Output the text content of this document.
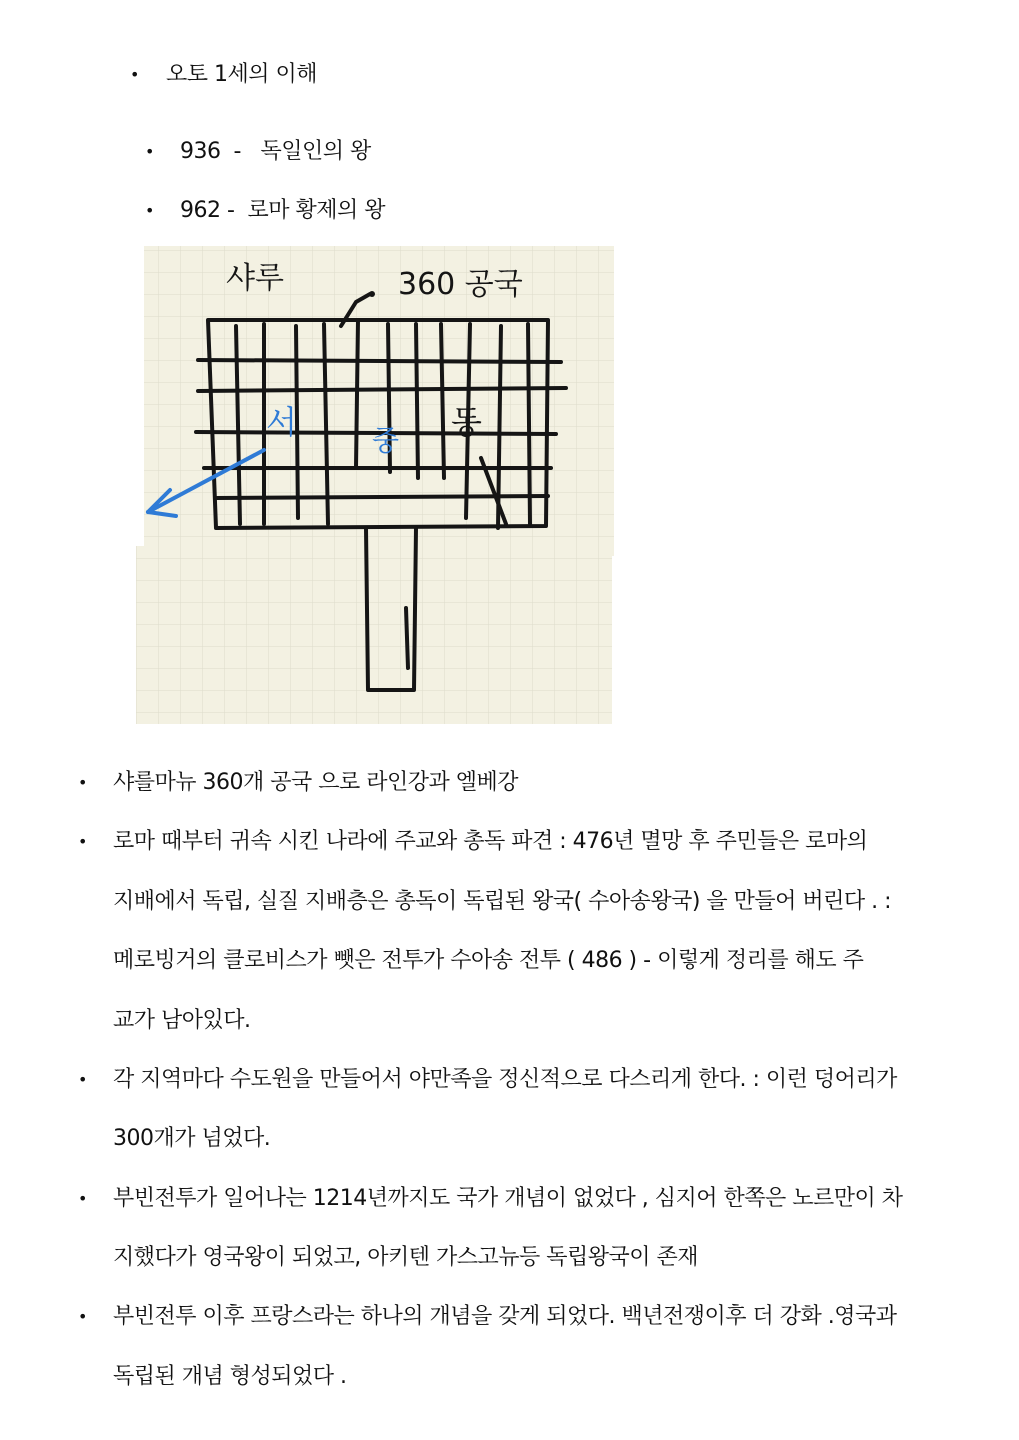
• 오토 1세의 이해
• 936 - 독일인의 왕
• 962 - 로마 황제의 왕
샤루	360 공국
동
서	중
• 샤를마뉴 360개 공국 으로 라인강과 엘베강
• 로마 때부터 귀속 시킨 나라에 주교와 총독 파견 : 476년 멸망 후 주민들은 로마의
지배에서 독립, 실질 지배층은 총독이 독립된 왕국( 수아송왕국) 을 만들어 버린다 . :
메로빙거의 클로비스가 뺏은 전투가 수아송 전투 ( 486 ) - 이렇게 정리를 해도 주
교가 남아있다.
• 각 지역마다 수도원을 만들어서 야만족을 정신적으로 다스리게 한다. : 이런 덩어리가
300개가 넘었다.
• 부빈전투가 일어나는 1214년까지도 국가 개념이 없었다 , 심지어 한쪽은 노르만이 차
지했다가 영국왕이 되었고, 아키텐 가스고뉴등 독립왕국이 존재
• 부빈전투 이후 프랑스라는 하나의 개념을 갖게 되었다. 백년전쟁이후 더 강화 .영국과
독립된 개념 형성되었다 .
